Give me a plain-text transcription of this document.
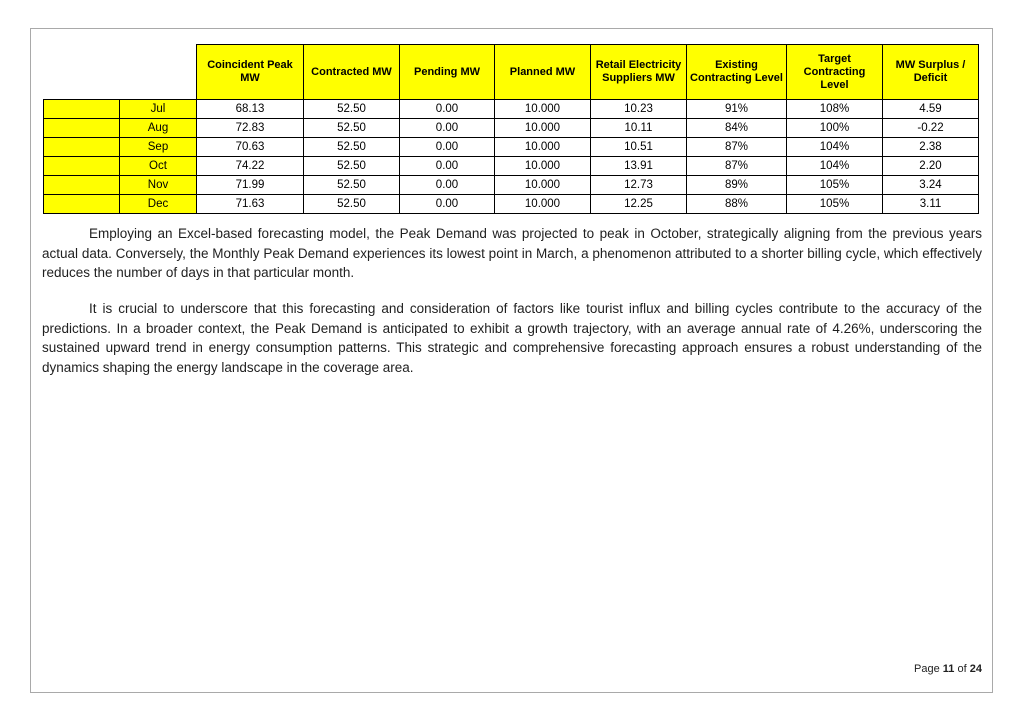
		Coincident Peak MW	Contracted MW	Pending MW	Planned MW	Retail Electricity Suppliers MW	Existing Contracting Level	Target Contracting Level	MW Surplus / Deficit
	Jul	68.13	52.50	0.00	10.000	10.23	91%	108%	4.59
	Aug	72.83	52.50	0.00	10.000	10.11	84%	100%	-0.22
	Sep	70.63	52.50	0.00	10.000	10.51	87%	104%	2.38
	Oct	74.22	52.50	0.00	10.000	13.91	87%	104%	2.20
	Nov	71.99	52.50	0.00	10.000	12.73	89%	105%	3.24
	Dec	71.63	52.50	0.00	10.000	12.25	88%	105%	3.11

Employing an Excel-based forecasting model, the Peak Demand was projected to peak in October, strategically aligning from the previous years actual data. Conversely, the Monthly Peak Demand experiences its lowest point in March, a phenomenon attributed to a shorter billing cycle, which effectively reduces the number of days in that particular month.

It is crucial to underscore that this forecasting and consideration of factors like tourist influx and billing cycles contribute to the accuracy of the predictions. In a broader context, the Peak Demand is anticipated to exhibit a growth trajectory, with an average annual rate of 4.26%, underscoring the sustained upward trend in energy consumption patterns. This strategic and comprehensive forecasting approach ensures a robust understanding of the dynamics shaping the energy landscape in the coverage area.

Page 11 of 24
